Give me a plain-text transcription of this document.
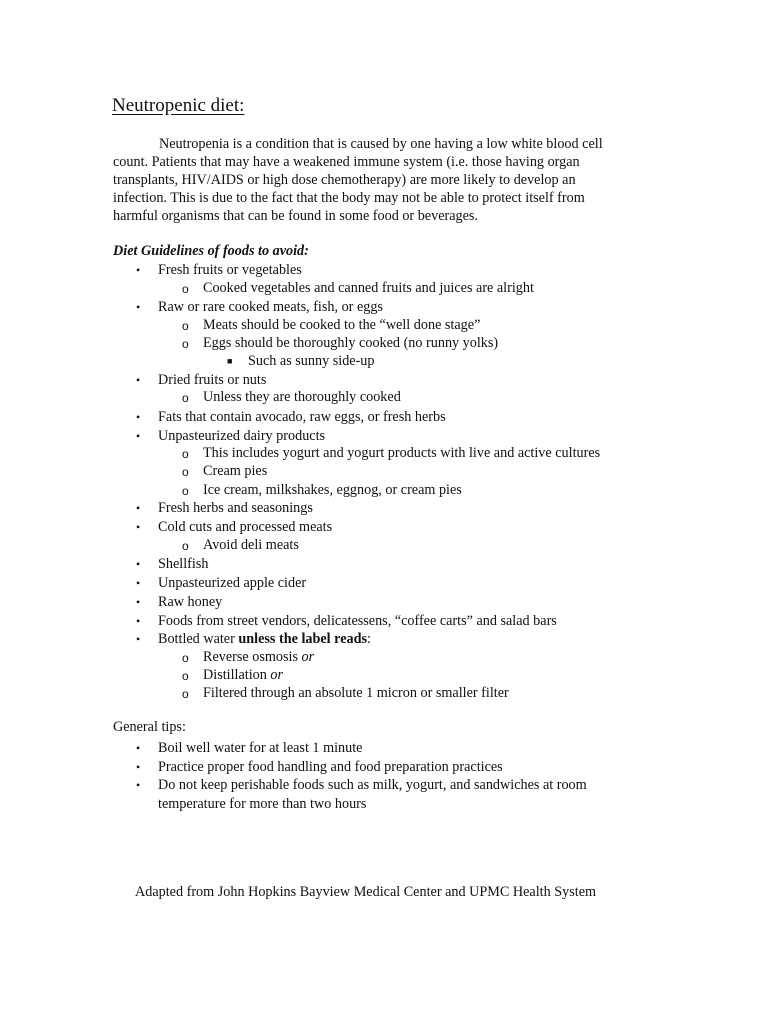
Neutropenic diet:
Neutropenia is a condition that is caused by one having a low white blood cell
count. Patients that may have a weakened immune system (i.e. those having organ
transplants, HIV/AIDS or high dose chemotherapy) are more likely to develop an
infection. This is due to the fact that the body may not be able to protect itself from
harmful organisms that can be found in some food or beverages.
Diet Guidelines of foods to avoid:
•
Fresh fruits or vegetables
o Cooked vegetables and canned fruits and juices are alright
•
Raw or rare cooked meats, fish, or eggs
o Meats should be cooked to the “well done stage”
o Eggs should be thoroughly cooked (no runny yolks)
■ Such as sunny side-up
•
Dried fruits or nuts
o Unless they are thoroughly cooked
•
Fats that contain avocado, raw eggs, or fresh herbs
•
Unpasteurized dairy products
o This includes yogurt and yogurt products with live and active cultures
o Cream pies
o Ice cream, milkshakes, eggnog, or cream pies
•
Fresh herbs and seasonings
•
Cold cuts and processed meats
o Avoid deli meats
•
Shellfish
•
Unpasteurized apple cider
•
Raw honey
•
Foods from street vendors, delicatessens, “coffee carts” and salad bars
•
Bottled water unless the label reads:
o Reverse osmosis or
o Distillation or
o Filtered through an absolute 1 micron or smaller filter
General tips:
•
Boil well water for at least 1 minute
•
Practice proper food handling and food preparation practices
•
Do not keep perishable foods such as milk, yogurt, and sandwiches at room
temperature for more than two hours
Adapted from John Hopkins Bayview Medical Center and UPMC Health System
